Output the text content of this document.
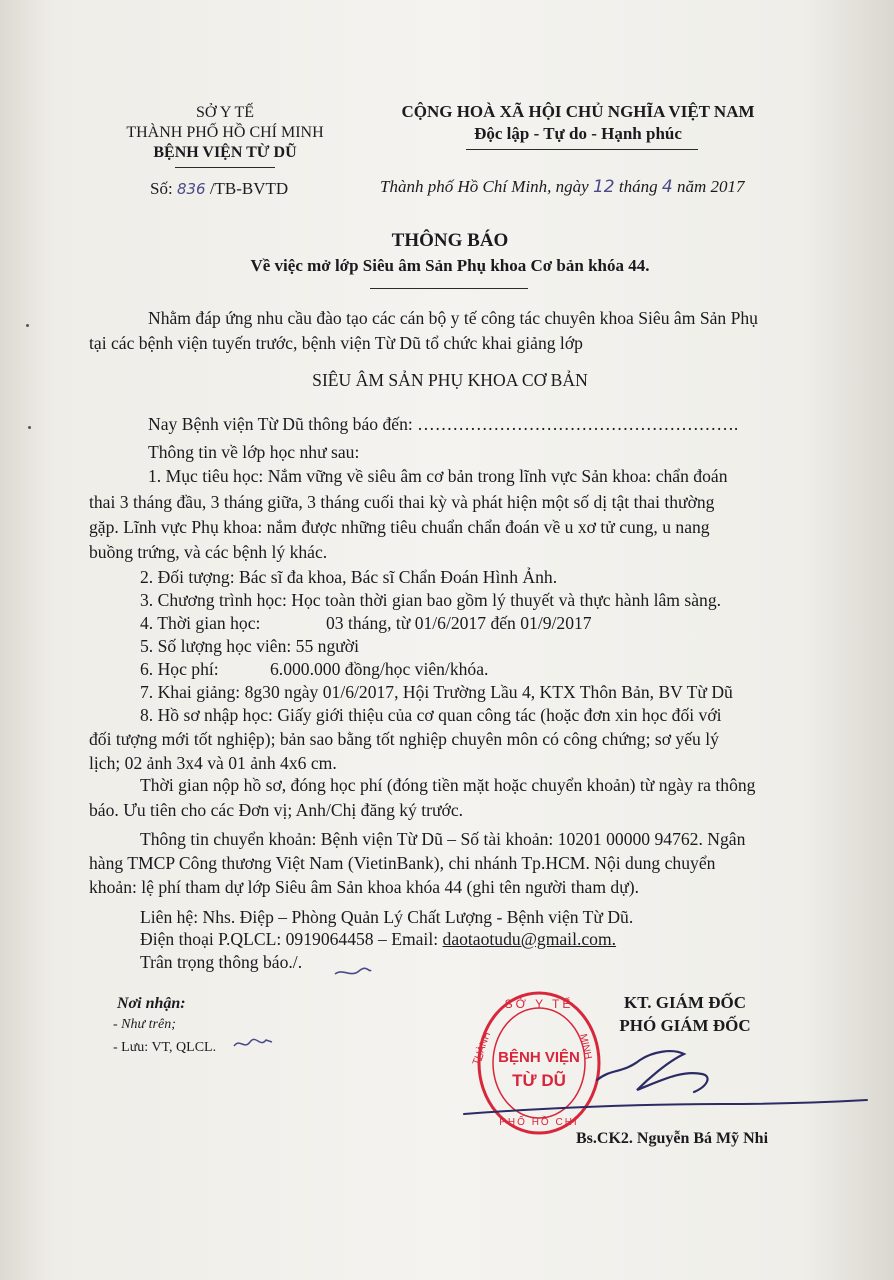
SỞ Y TẾ
THÀNH PHỐ HỒ CHÍ MINH
BỆNH VIỆN TỪ DŨ
CỘNG HOÀ XÃ HỘI CHỦ NGHĨA VIỆT NAM
Độc lập - Tự do - Hạnh phúc
Số: 836 /TB-BVTD	Thành phố Hồ Chí Minh, ngày 12 tháng 4 năm 2017
THÔNG BÁO
Về việc mở lớp Siêu âm Sản Phụ khoa Cơ bản khóa 44.
Nhằm đáp ứng nhu cầu đào tạo các cán bộ y tế công tác chuyên khoa Siêu âm Sản Phụ
tại các bệnh viện tuyến trước, bệnh viện Từ Dũ tổ chức khai giảng lớp
SIÊU ÂM SẢN PHỤ KHOA CƠ BẢN
Nay Bệnh viện Từ Dũ thông báo đến: ……………………………………………….
Thông tin về lớp học như sau:
1. Mục tiêu học: Nắm vững về siêu âm cơ bản trong lĩnh vực Sản khoa: chẩn đoán
thai 3 tháng đầu, 3 tháng giữa, 3 tháng cuối thai kỳ và phát hiện một số dị tật thai thường
gặp. Lĩnh vực Phụ khoa: nắm được những tiêu chuẩn chẩn đoán về u xơ tử cung, u nang
buồng trứng, và các bệnh lý khác.
2. Đối tượng: Bác sĩ đa khoa, Bác sĩ Chẩn Đoán Hình Ảnh.
3. Chương trình học: Học toàn thời gian bao gồm lý thuyết và thực hành lâm sàng.
4. Thời gian học:	03 tháng, từ 01/6/2017 đến 01/9/2017
5. Số lượng học viên: 55 người
6. Học phí:	6.000.000 đồng/học viên/khóa.
7. Khai giảng: 8g30 ngày 01/6/2017, Hội Trường Lầu 4, KTX Thôn Bản, BV Từ Dũ
8. Hồ sơ nhập học: Giấy giới thiệu của cơ quan công tác (hoặc đơn xin học đối với
đối tượng mới tốt nghiệp); bản sao bằng tốt nghiệp chuyên môn có công chứng; sơ yếu lý
lịch; 02 ảnh 3x4 và 01 ảnh 4x6 cm.
Thời gian nộp hồ sơ, đóng học phí (đóng tiền mặt hoặc chuyển khoản) từ ngày ra thông
báo. Ưu tiên cho các Đơn vị; Anh/Chị đăng ký trước.
Thông tin chuyển khoản: Bệnh viện Từ Dũ – Số tài khoản: 10201 00000 94762. Ngân
hàng TMCP Công thương Việt Nam (VietinBank), chi nhánh Tp.HCM. Nội dung chuyển
khoản: lệ phí tham dự lớp Siêu âm Sản khoa khóa 44 (ghi tên người tham dự).
Liên hệ: Nhs. Điệp – Phòng Quản Lý Chất Lượng - Bệnh viện Từ Dũ.
Điện thoại P.QLCL: 0919064458 – Email: daotaotudu@gmail.com.
Trân trọng thông báo./.
Nơi nhận:
- Như trên;
- Lưu: VT, QLCL.
KT. GIÁM ĐỐC
PHÓ GIÁM ĐỐC
SỞ Y TẾ
BỆNH VIỆN
TỪ DŨ
THÀNH
PHỐ HỒ CHÍ
MINH
Bs.CK2. Nguyễn Bá Mỹ Nhi
